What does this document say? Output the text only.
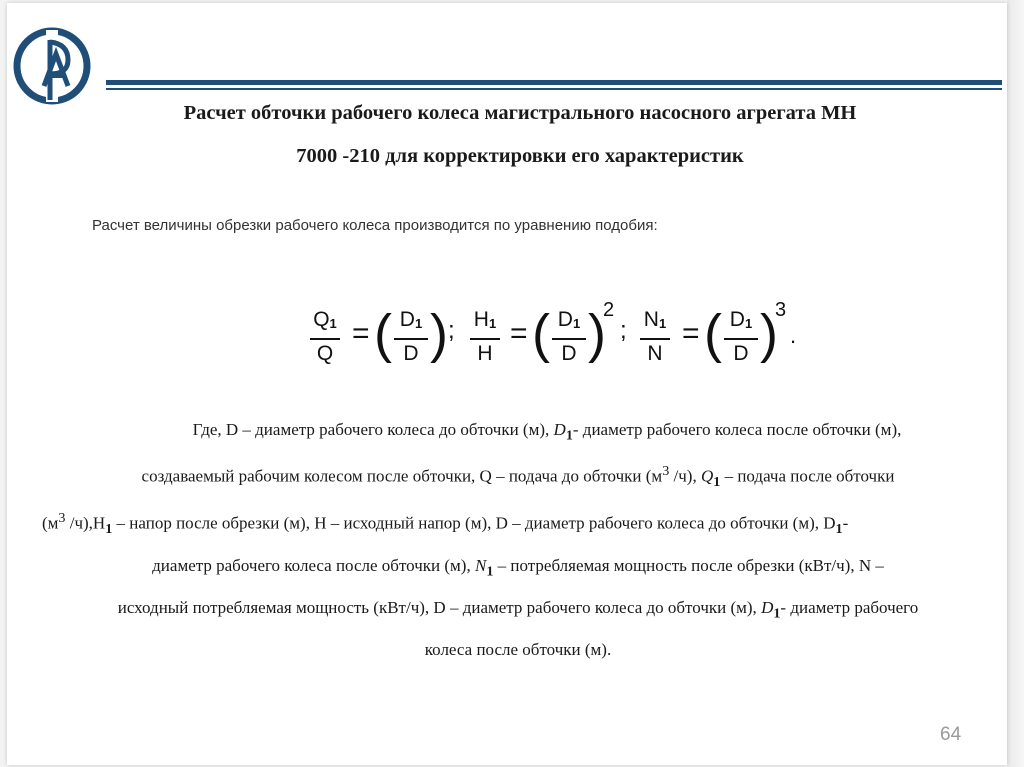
Расчет обточки рабочего колеса магистрального насосного агрегата МН
7000 -210 для корректировки его характеристик
Расчет величины обрезки рабочего колеса производится по уравнению подобия:
$Q_1$
Q
= ( $D_1$
D ) ; $H_1$
H
= ( $D_1$
D )
2
; $N_1$
N
= ( $D_1$
D )
3
.
Где, D – диаметр рабочего колеса до обточки (м), $D_1-$ диаметр рабочего колеса после обточки (м),
создаваемый рабочим колесом после обточки, Q – подача до обточки ($м^3$ /ч), $Q_1$ – подача после обточки
($м^3$ $/ч),H_1$ – напор после обрезки (м), H – исходный напор (м), D – диаметр рабочего колеса до обточки (м), $D_1-$
диаметр рабочего колеса после обточки (м), $N_1$ – потребляемая мощность после обрезки (кВт/ч), N –
исходный потребляемая мощность (кВт/ч), D – диаметр рабочего колеса до обточки (м), $D_1-$ диаметр рабочего
колеса после обточки (м).
64
